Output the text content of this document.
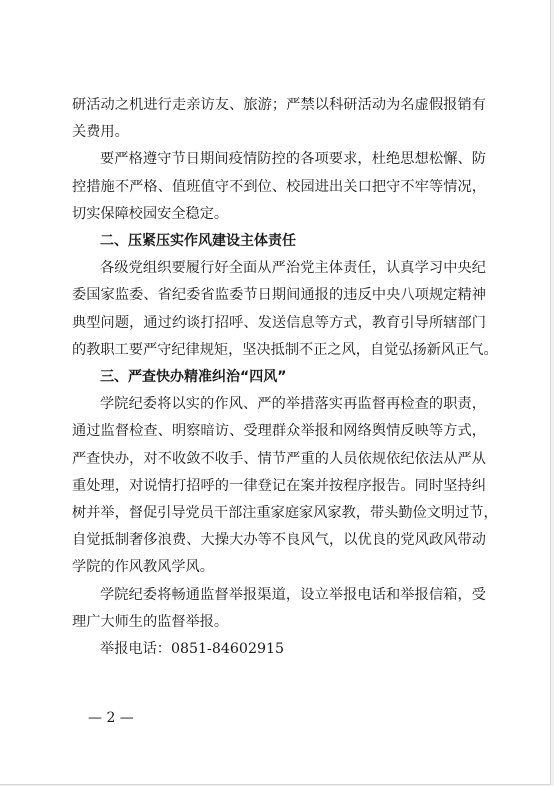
研活动之机进行走亲访友、旅游；严禁以科研活动为名虚假报销有
关费用。
要严格遵守节日期间疫情防控的各项要求，杜绝思想松懈、防
控措施不严格、值班值守不到位、校园进出关口把守不牢等情况，
切实保障校园安全稳定。
二、压紧压实作风建设主体责任
各级党组织要履行好全面从严治党主体责任，认真学习中央纪
委国家监委、省纪委省监委节日期间通报的违反中央八项规定精神
典型问题，通过约谈打招呼、发送信息等方式，教育引导所辖部门
的教职工要严守纪律规矩，坚决抵制不正之风，自觉弘扬新风正气。
三、严查快办精准纠治“四风”
学院纪委将以实的作风、严的举措落实再监督再检查的职责，
通过监督检查、明察暗访、受理群众举报和网络舆情反映等方式，
严查快办，对不收敛不收手、情节严重的人员依规依纪依法从严从
重处理，对说情打招呼的一律登记在案并按程序报告。同时坚持纠
树并举，督促引导党员干部注重家庭家风家教，带头勤俭文明过节，
自觉抵制奢侈浪费、大操大办等不良风气，以优良的党风政风带动
学院的作风教风学风。
学院纪委将畅通监督举报渠道，设立举报电话和举报信箱，受
理广大师生的监督举报。
举报电话：0851-84602915
— 2 —
